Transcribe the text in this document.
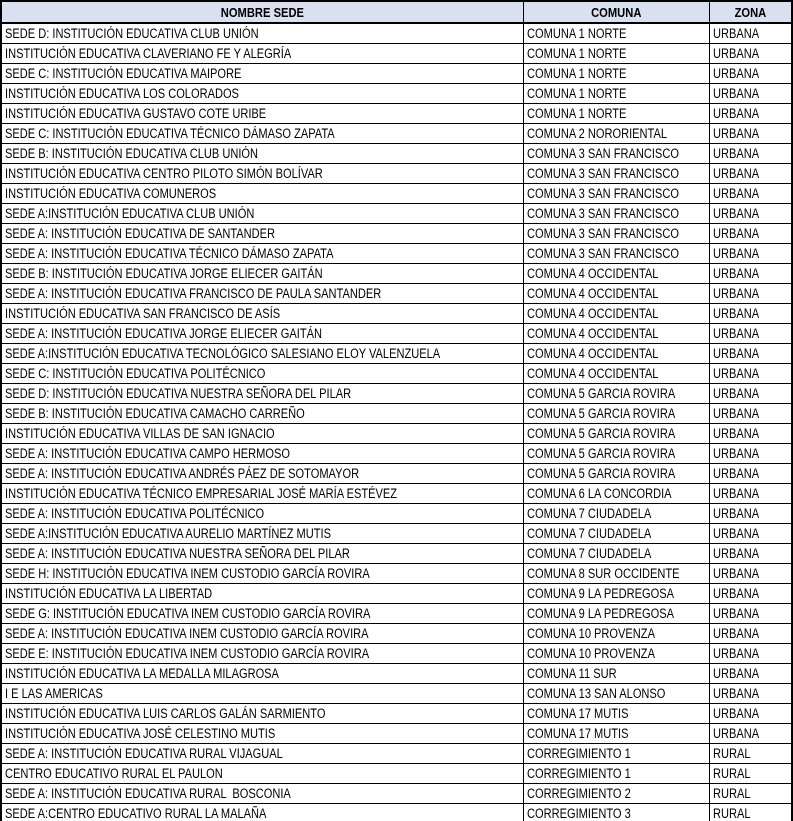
NOMBRE SEDE	COMUNA	ZONA
SEDE D: INSTITUCIÓN EDUCATIVA CLUB UNIÓN	COMUNA 1 NORTE	URBANA
INSTITUCIÓN EDUCATIVA CLAVERIANO FE Y ALEGRÍA	COMUNA 1 NORTE	URBANA
SEDE C: INSTITUCIÓN EDUCATIVA MAIPORE	COMUNA 1 NORTE	URBANA
INSTITUCIÓN EDUCATIVA LOS COLORADOS	COMUNA 1 NORTE	URBANA
INSTITUCIÓN EDUCATIVA GUSTAVO COTE URIBE	COMUNA 1 NORTE	URBANA
SEDE C: INSTITUCIÓN EDUCATIVA TÉCNICO DÁMASO ZAPATA	COMUNA 2 NORORIENTAL	URBANA
SEDE B: INSTITUCIÓN EDUCATIVA CLUB UNIÓN	COMUNA 3 SAN FRANCISCO	URBANA
INSTITUCIÓN EDUCATIVA CENTRO PILOTO SIMÓN BOLÍVAR	COMUNA 3 SAN FRANCISCO	URBANA
INSTITUCIÓN EDUCATIVA COMUNEROS	COMUNA 3 SAN FRANCISCO	URBANA
SEDE A:INSTITUCIÓN EDUCATIVA CLUB UNIÓN	COMUNA 3 SAN FRANCISCO	URBANA
SEDE A: INSTITUCIÓN EDUCATIVA DE SANTANDER	COMUNA 3 SAN FRANCISCO	URBANA
SEDE A: INSTITUCIÓN EDUCATIVA TÉCNICO DÁMASO ZAPATA	COMUNA 3 SAN FRANCISCO	URBANA
SEDE B: INSTITUCIÓN EDUCATIVA JORGE ELIECER GAITÁN	COMUNA 4 OCCIDENTAL	URBANA
SEDE A: INSTITUCIÓN EDUCATIVA FRANCISCO DE PAULA SANTANDER	COMUNA 4 OCCIDENTAL	URBANA
INSTITUCIÓN EDUCATIVA SAN FRANCISCO DE ASÍS	COMUNA 4 OCCIDENTAL	URBANA
SEDE A: INSTITUCIÓN EDUCATIVA JORGE ELIECER GAITÁN	COMUNA 4 OCCIDENTAL	URBANA
SEDE A:INSTITUCIÓN EDUCATIVA TECNOLÓGICO SALESIANO ELOY VALENZUELA	COMUNA 4 OCCIDENTAL	URBANA
SEDE C: INSTITUCIÓN EDUCATIVA POLITÉCNICO	COMUNA 4 OCCIDENTAL	URBANA
SEDE D: INSTITUCIÓN EDUCATIVA NUESTRA SEÑORA DEL PILAR	COMUNA 5 GARCIA ROVIRA	URBANA
SEDE B: INSTITUCIÓN EDUCATIVA CAMACHO CARREÑO	COMUNA 5 GARCIA ROVIRA	URBANA
INSTITUCIÓN EDUCATIVA VILLAS DE SAN IGNACIO	COMUNA 5 GARCIA ROVIRA	URBANA
SEDE A: INSTITUCIÓN EDUCATIVA CAMPO HERMOSO	COMUNA 5 GARCIA ROVIRA	URBANA
SEDE A: INSTITUCIÓN EDUCATIVA ANDRÉS PÁEZ DE SOTOMAYOR	COMUNA 5 GARCIA ROVIRA	URBANA
INSTITUCIÓN EDUCATIVA TÉCNICO EMPRESARIAL JOSÉ MARÍA ESTÉVEZ	COMUNA 6 LA CONCORDIA	URBANA
SEDE A: INSTITUCIÓN EDUCATIVA POLITÉCNICO	COMUNA 7 CIUDADELA	URBANA
SEDE A:INSTITUCIÓN EDUCATIVA AURELIO MARTÍNEZ MUTIS	COMUNA 7 CIUDADELA	URBANA
SEDE A: INSTITUCIÓN EDUCATIVA NUESTRA SEÑORA DEL PILAR	COMUNA 7 CIUDADELA	URBANA
SEDE H: INSTITUCIÓN EDUCATIVA INEM CUSTODIO GARCÍA ROVIRA	COMUNA 8 SUR OCCIDENTE	URBANA
INSTITUCIÓN EDUCATIVA LA LIBERTAD	COMUNA 9 LA PEDREGOSA	URBANA
SEDE G: INSTITUCIÓN EDUCATIVA INEM CUSTODIO GARCÍA ROVIRA	COMUNA 9 LA PEDREGOSA	URBANA
SEDE A: INSTITUCIÓN EDUCATIVA INEM CUSTODIO GARCÍA ROVIRA	COMUNA 10 PROVENZA	URBANA
SEDE E: INSTITUCIÓN EDUCATIVA INEM CUSTODIO GARCÍA ROVIRA	COMUNA 10 PROVENZA	URBANA
INSTITUCIÓN EDUCATIVA LA MEDALLA MILAGROSA	COMUNA 11 SUR	URBANA
I E LAS AMERICAS	COMUNA 13 SAN ALONSO	URBANA
INSTITUCIÓN EDUCATIVA LUIS CARLOS GALÁN SARMIENTO	COMUNA 17 MUTIS	URBANA
INSTITUCIÓN EDUCATIVA JOSÉ CELESTINO MUTIS	COMUNA 17 MUTIS	URBANA
SEDE A: INSTITUCIÓN EDUCATIVA RURAL VIJAGUAL	CORREGIMIENTO 1	RURAL
CENTRO EDUCATIVO RURAL EL PAULON	CORREGIMIENTO 1	RURAL
SEDE A: INSTITUCIÓN EDUCATIVA RURAL  BOSCONIA	CORREGIMIENTO 2	RURAL
SEDE A:CENTRO EDUCATIVO RURAL LA MALAÑA	CORREGIMIENTO 3	RURAL
